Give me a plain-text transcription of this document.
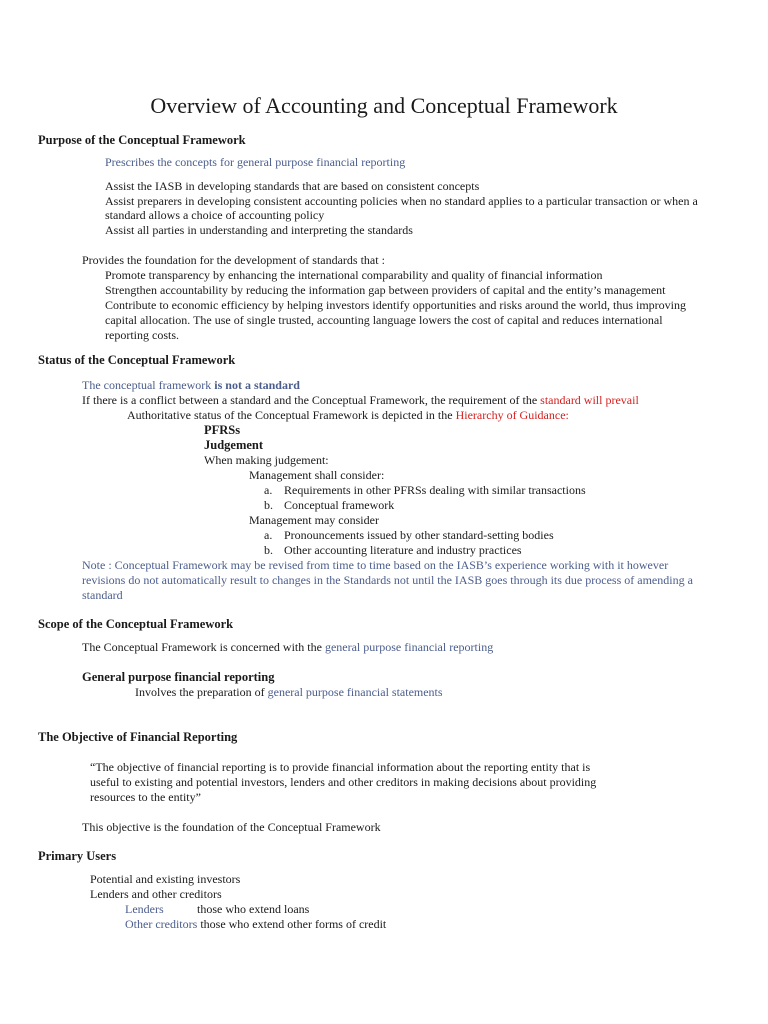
Overview of Accounting and Conceptual Framework
Purpose of the Conceptual Framework
Prescribes the concepts for general purpose financial reporting
Assist the IASB in developing standards that are based on consistent concepts
Assist preparers in developing consistent accounting policies when no standard applies to a particular transaction or when a
standard allows a choice of accounting policy
Assist all parties in understanding and interpreting the standards
Provides the foundation for the development of standards that :
Promote transparency by enhancing the international comparability and quality of financial information
Strengthen accountability by reducing the information gap between providers of capital and the entity’s management
Contribute to economic efficiency by helping investors identify opportunities and risks around the world, thus improving
capital allocation. The use of single trusted, accounting language lowers the cost of capital and reduces international
reporting costs.
Status of the Conceptual Framework
The conceptual framework is not a standard
If there is a conflict between a standard and the Conceptual Framework, the requirement of the standard will prevail
Authoritative status of the Conceptual Framework is depicted in the Hierarchy of Guidance:
PFRSs
Judgement
When making judgement:
Management shall consider:
a. Requirements in other PFRSs dealing with similar transactions
b. Conceptual framework
Management may consider
a. Pronouncements issued by other standard-setting bodies
b. Other accounting literature and industry practices
Note : Conceptual Framework may be revised from time to time based on the IASB’s experience working with it however
revisions do not automatically result to changes in the Standards not until the IASB goes through its due process of amending a
standard
Scope of the Conceptual Framework
The Conceptual Framework is concerned with the general purpose financial reporting
General purpose financial reporting
Involves the preparation of general purpose financial statements
The Objective of Financial Reporting
“The objective of financial reporting is to provide financial information about the reporting entity that is
useful to existing and potential investors, lenders and other creditors in making decisions about providing
resources to the entity”
This objective is the foundation of the Conceptual Framework
Primary Users
Potential and existing investors
Lenders and other creditors
Lenders	those who extend loans
Other creditors those who extend other forms of credit
